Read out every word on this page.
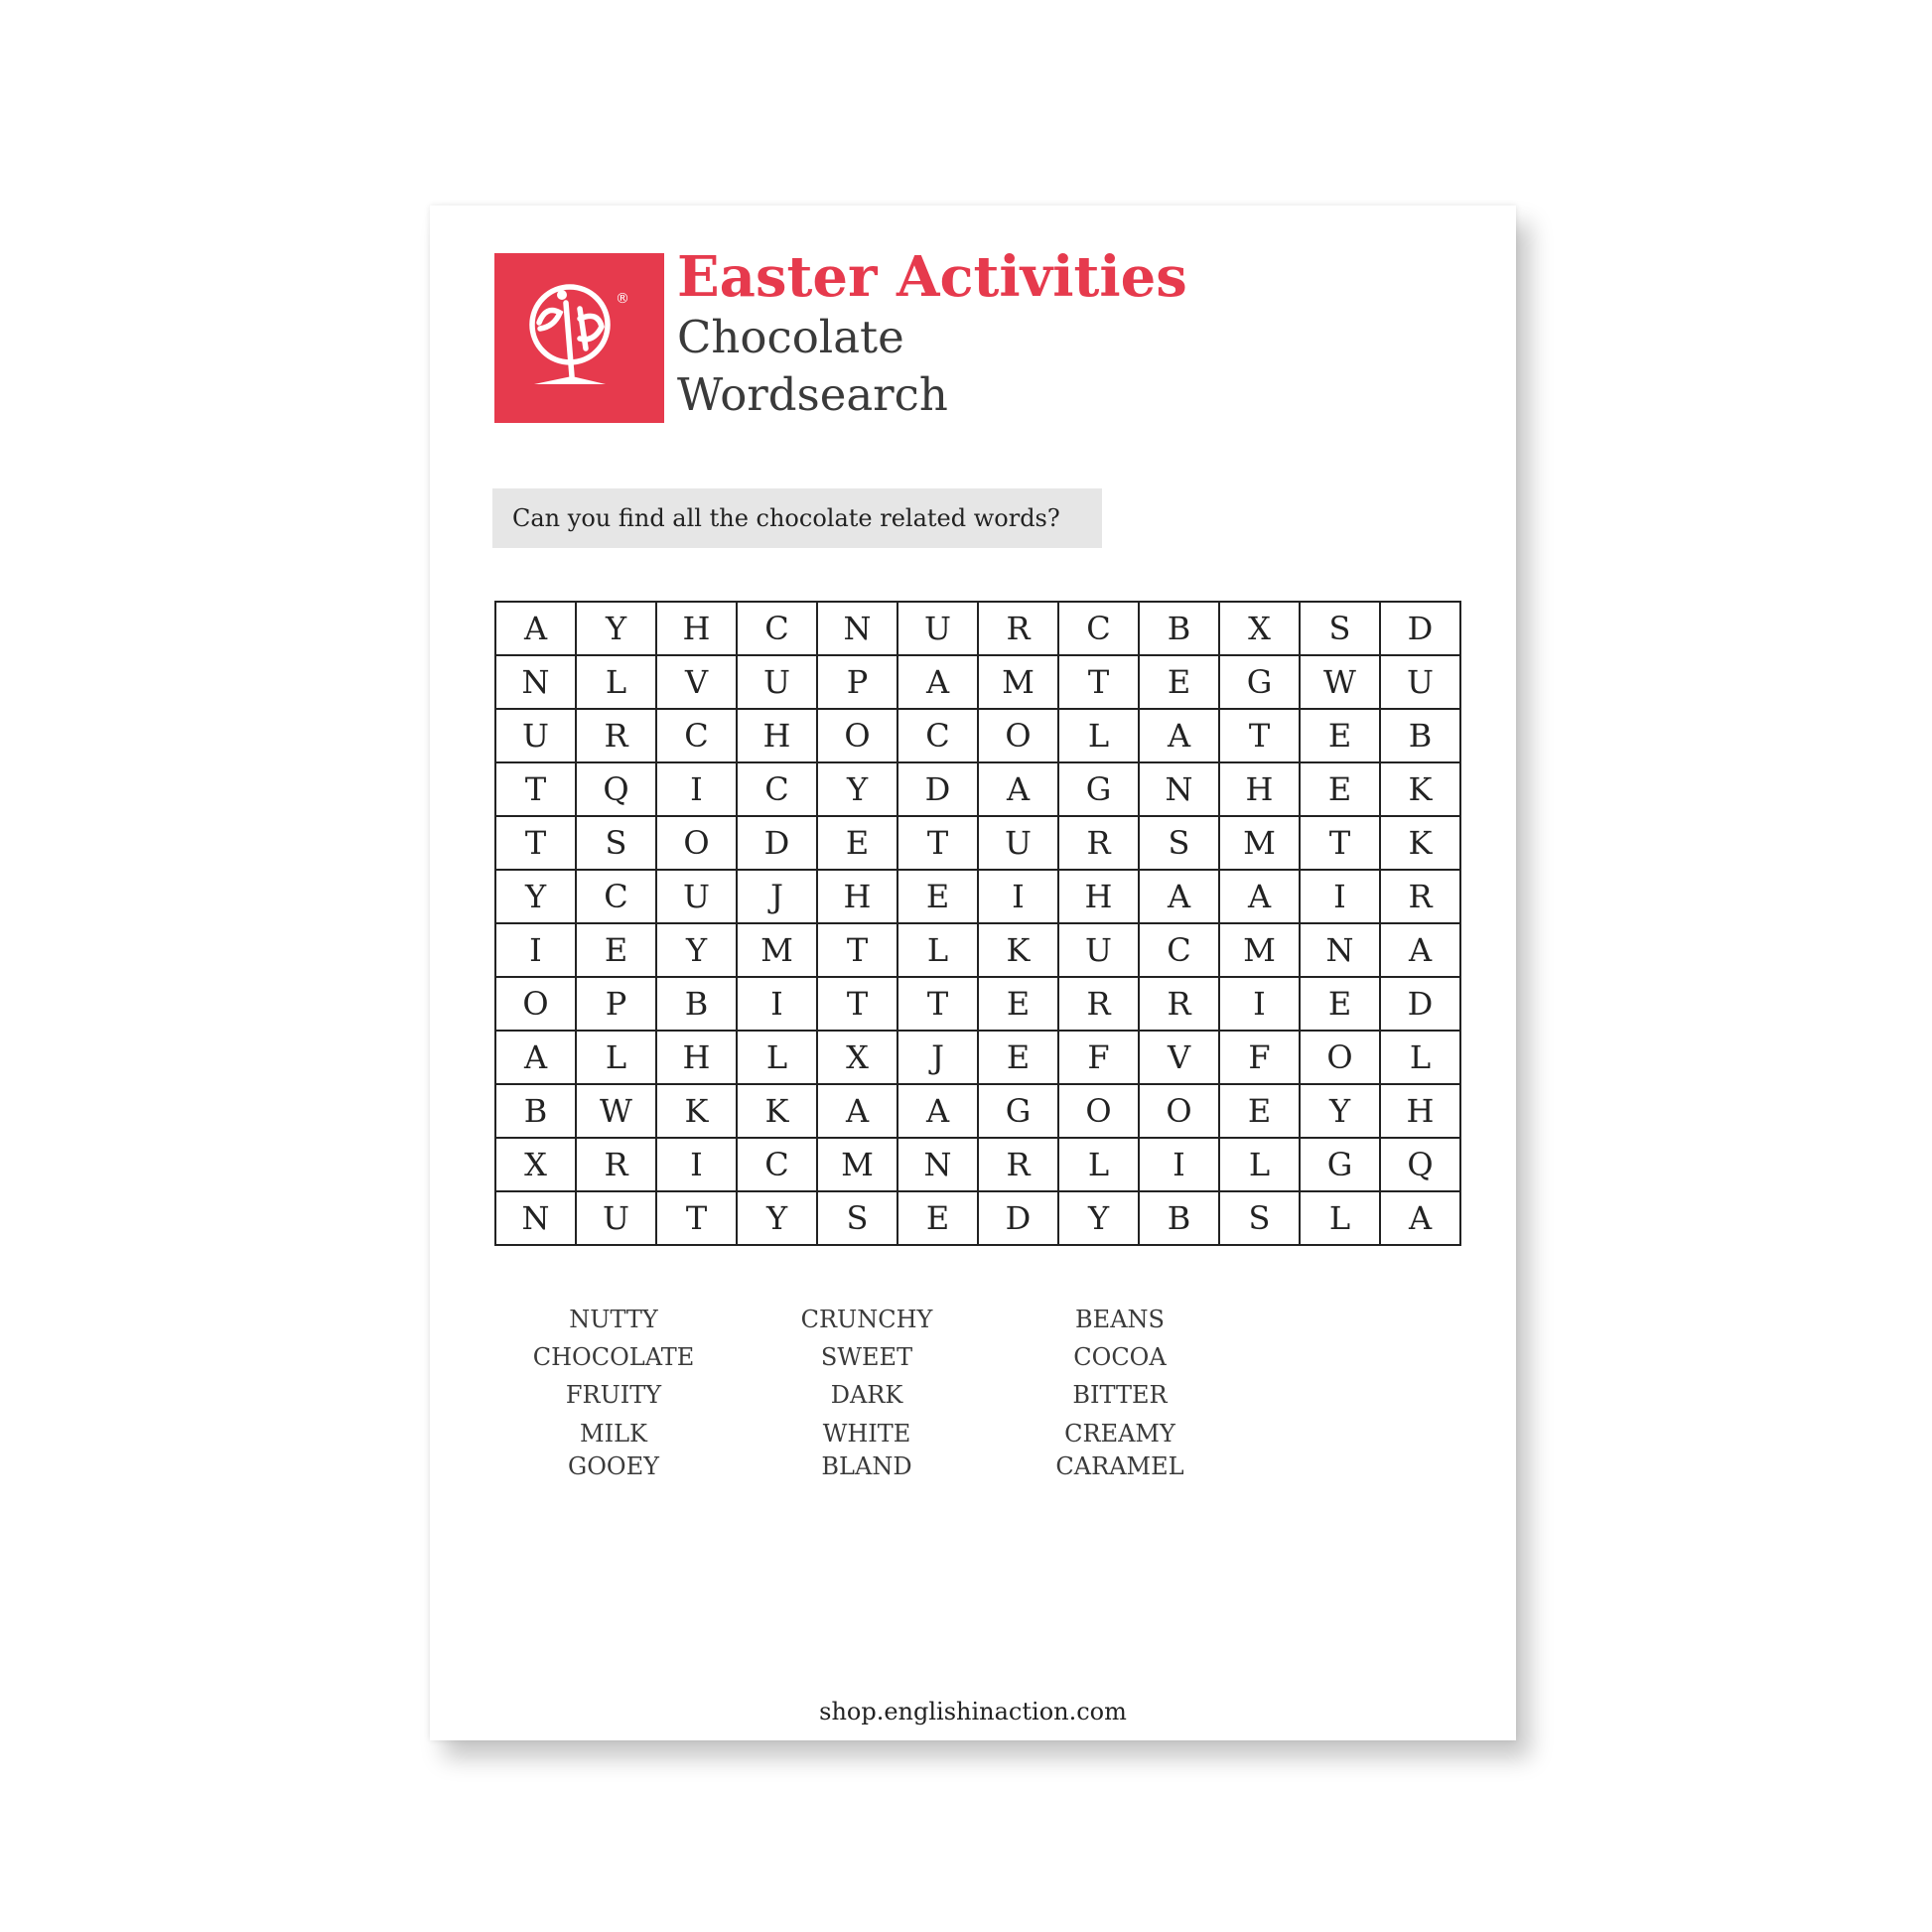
® Easter Activities
Chocolate
Wordsearch
Can you find all the chocolate related words?
A	Y	H	C	N	U	R	C	B	X	S	D
N	L	V	U	P	A	M	T	E	G	W	U
U	R	C	H	O	C	O	L	A	T	E	B
T	Q	I	C	Y	D	A	G	N	H	E	K
T	S	O	D	E	T	U	R	S	M	T	K
Y	C	U	J	H	E	I	H	A	A	I	R
I	E	Y	M	T	L	K	U	C	M	N	A
O	P	B	I	T	T	E	R	R	I	E	D
A	L	H	L	X	J	E	F	V	F	O	L
B	W	K	K	A	A	G	O	O	E	Y	H
X	R	I	C	M	N	R	L	I	L	G	Q
N	U	T	Y	S	E	D	Y	B	S	L	A
NUTTY
CHOCOLATE
FRUITY
MILK
GOOEY
CRUNCHY
SWEET
DARK
WHITE
BLAND
BEANS
COCOA
BITTER
CREAMY
CARAMEL
shop.englishinaction.com
